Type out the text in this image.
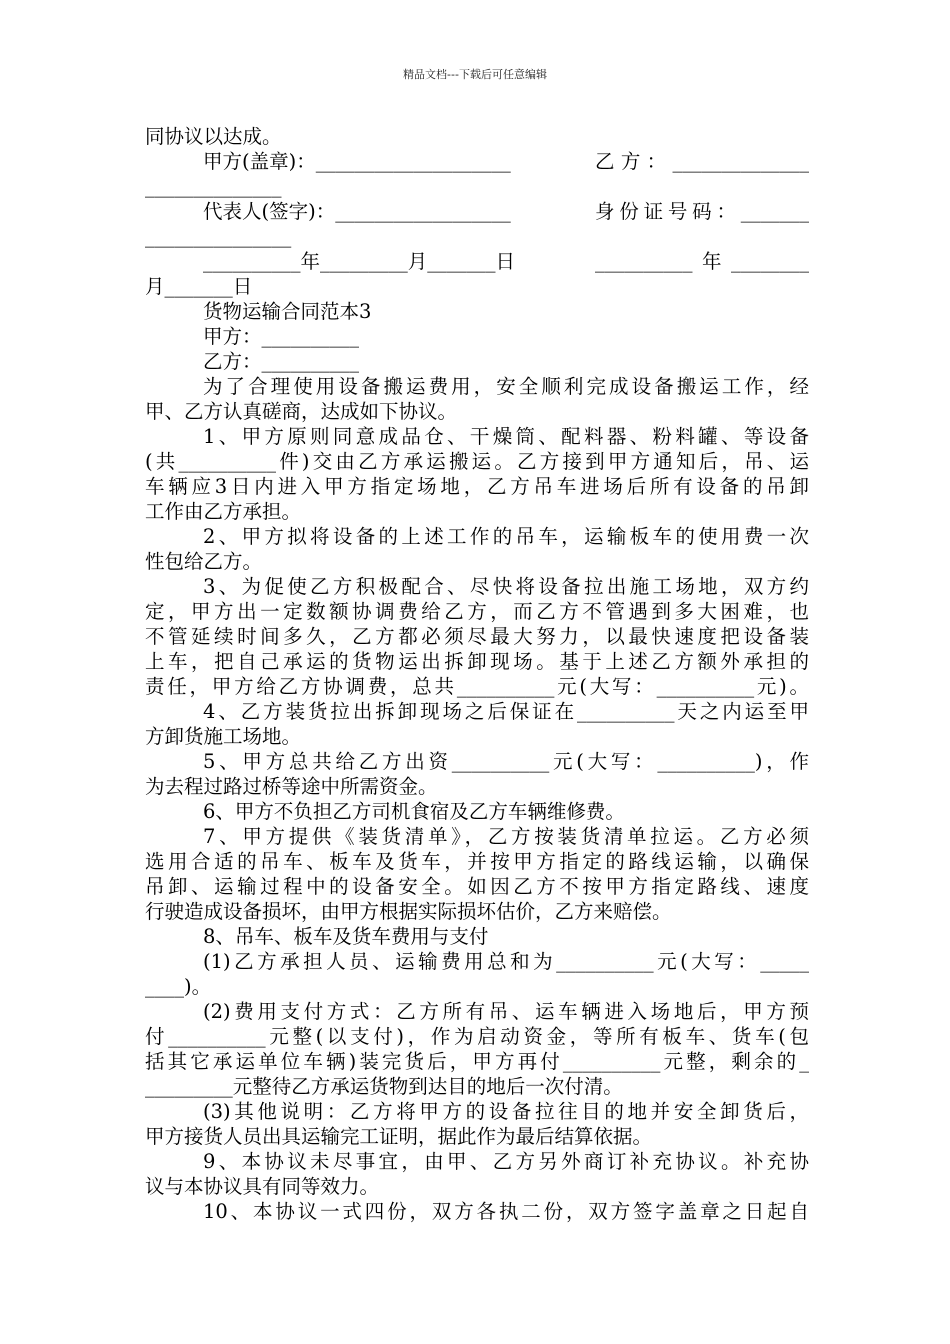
精品文档---下载后可任意编辑
同协议以达成。
甲方(盖章)：____________________	乙方：______________
______________
代表人(签字)：__________________	身份证号码：_______
_______________
__________年_________月_______日	__________年________
月_______日
货物运输合同范本3
甲方：__________
乙方：__________
为了合理使用设备搬运费用，安全顺利完成设备搬运工作，经
甲、乙方认真磋商，达成如下协议。
1、甲方原则同意成品仓、干燥筒、配料器、粉料罐、等设备
(共__________件)交由乙方承运搬运。乙方接到甲方通知后，吊、运
车辆应3日内进入甲方指定场地，乙方吊车进场后所有设备的吊卸
工作由乙方承担。
2、甲方拟将设备的上述工作的吊车，运输板车的使用费一次
性包给乙方。
3、为促使乙方积极配合、尽快将设备拉出施工场地，双方约
定，甲方出一定数额协调费给乙方，而乙方不管遇到多大困难，也
不管延续时间多久，乙方都必须尽最大努力，以最快速度把设备装
上车，把自己承运的货物运出拆卸现场。基于上述乙方额外承担的
责任，甲方给乙方协调费，总共__________元(大写：__________元)。
4、乙方装货拉出拆卸现场之后保证在__________天之内运至甲
方卸货施工场地。
5、甲方总共给乙方出资__________元(大写：__________)，作
为去程过路过桥等途中所需资金。
6、甲方不负担乙方司机食宿及乙方车辆维修费。
7、甲方提供《装货清单》，乙方按装货清单拉运。乙方必须
选用合适的吊车、板车及货车，并按甲方指定的路线运输，以确保
吊卸、运输过程中的设备安全。如因乙方不按甲方指定路线、速度
行驶造成设备损坏，由甲方根据实际损坏估价，乙方来赔偿。
8、吊车、板车及货车费用与支付
(1)乙方承担人员、运输费用总和为__________元(大写：_____
____)。
(2)费用支付方式：乙方所有吊、运车辆进入场地后，甲方预
付__________元整(以支付)，作为启动资金，等所有板车、货车(包
括其它承运单位车辆)装完货后，甲方再付__________元整，剩余的_
_________元整待乙方承运货物到达目的地后一次付清。
(3)其他说明：乙方将甲方的设备拉往目的地并安全卸货后，
甲方接货人员出具运输完工证明，据此作为最后结算依据。
9、本协议未尽事宜，由甲、乙方另外商订补充协议。补充协
议与本协议具有同等效力。
10、本协议一式四份，双方各执二份，双方签字盖章之日起自
